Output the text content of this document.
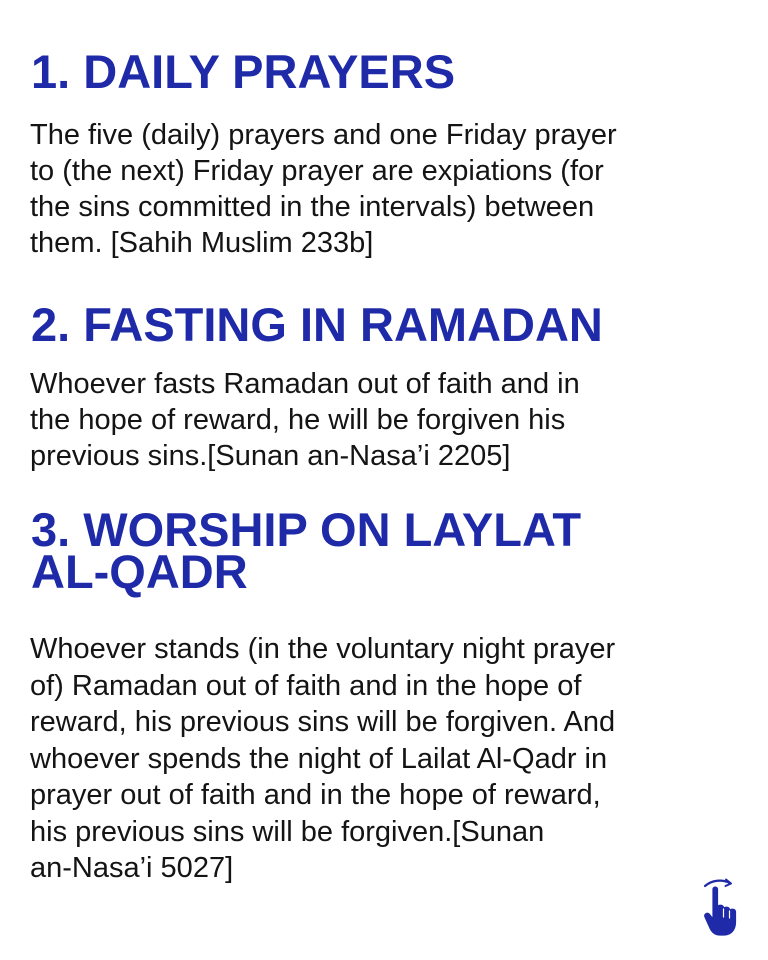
1. DAILY PRAYERS
The five (daily) prayers and one Friday prayer
to (the next) Friday prayer are expiations (for
the sins committed in the intervals) between
them. [Sahih Muslim 233b]
2. FASTING IN RAMADAN
Whoever fasts Ramadan out of faith and in
the hope of reward, he will be forgiven his
previous sins.[Sunan an-Nasa’i 2205]
3. WORSHIP ON LAYLAT
AL-QADR
Whoever stands (in the voluntary night prayer
of) Ramadan out of faith and in the hope of
reward, his previous sins will be forgiven. And
whoever spends the night of Lailat Al-Qadr in
prayer out of faith and in the hope of reward,
his previous sins will be forgiven.[Sunan
an-Nasa’i 5027]
